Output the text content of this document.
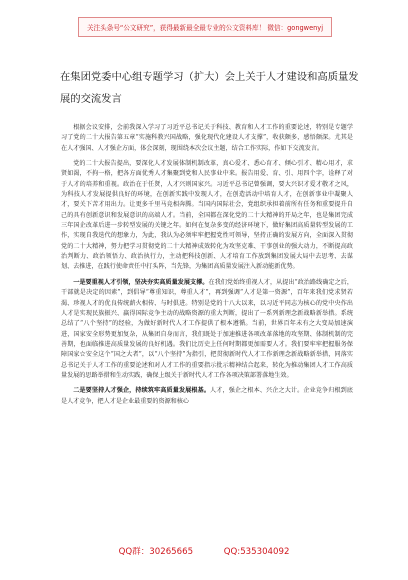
关注头条号“公文研究”，获得最新最全最专业的公文资料库！ 微信：gongwenyj
在集团党委中心组专题学习（扩大）会上关于人才建设和高质量发展的交流发言

根据会议安排，会前我深入学习了习近平总书记关于科技、教育和人才工作的重要论述，特别是专题学习了党的二十大报告第五章“实施科教兴国战略，强化现代化建设人才支撑”，收获颇多，感悟颇深。尤其是在人才强国、人才强企方面，体会深刻，现围绕本次会议主题，结合工作实际，作如下交流发言。

党的二十大报告提出，要深化人才发展体制机制改革，真心爱才、悉心育才、倾心引才、精心用才，求贤如渴，不拘一格，把各方面优秀人才集聚到党和人民事业中来。报告用爱、育、引、用四个字，诠释了对于人才的培养和重视。政治在于任贤，人才兴则国家兴。习近平总书记曾强调，要大兴识才爱才敬才之风，为科技人才发展提供良好的环境，在创新实践中发现人才，在创造活动中培育人才，在创新事业中凝聚人才，要关下苦才用出力。让更多千里马竞相奔腾。当国内国际社会，党组织承担着前所有任务和重要提升自己的具有创新意识和发展意识的高端人才。当前，全国都在深化党的二十大精神的开局之年，也是集团完成三年国企改革后进一步转型发展的关键之年。如何在复杂多变的经济环境下，做好集团高质量转型发展的工作，实现自我迭代的想象力，为此，我认为必须牢牢把握党性可领导，坚持正确的发展方向，全面深入贯彻党的二十大精神，努力把学习贯彻党的二十大精神成效转化为攻坚克难、干事创业的强大动力，不断提高政治判断力、政治领悟力、政治执行力，主动把科技创新、人才培育工作放到集团发展大局中去思考、去谋划、去推进，在践行使命责任中打头阵，当先锋，为集团高质量发展注入新动能新优势。

一是要重视人才引领，坚决夯实高质量发展支撑。在我们党始终重视人才，从提出“政治路线确定之后，干部就是决定的因素”，到倡导“尊重知识，尊重人才”，再到强调“人才是第一资源”，百年来我们党求贤若渴、珍视人才的优良传统薪火相传、与时俱进。特别是党的十八大以来，以习近平同志为核心的党中央作出人才是实现民族振兴、赢得国际竞争主动的战略资源的重大判断，提出了一系列新理念新战略新举措。系统总结了“八个坚持”的经验，为做好新时代人才工作提供了根本遵循。当前，世界百年未有之大变局加速演进，国家安全形势更加复杂，从集团自身而言，我们既处于加速推进各项改革落地的攻坚期、体制机制的完善期，也面临推进高质量发展的良好机遇。我们比历史上任何时期都更加需要人才。我们要牢牢把握服务保障国家☆安全这个“国之大者”，以“八个坚持”为指引，把贯彻新时代人才工作新理念新战略新举措，同落实总书记关于人才工作的重要论述和对人才工作的重要指示批示精神结合起来，转化为推动集团人才工作高质量发展的思路举措和生动实践，确保上级关于新时代人才工作各项决策部署落地生效。

二是要坚持人才强企，持续筑牢高质量发展根基。人才，强企之根本、兴企之大计。企业竞争归根到底是人才竞争，把人才是企业最重要的资源和核心

QQ群：30265665	QQ:535304092
